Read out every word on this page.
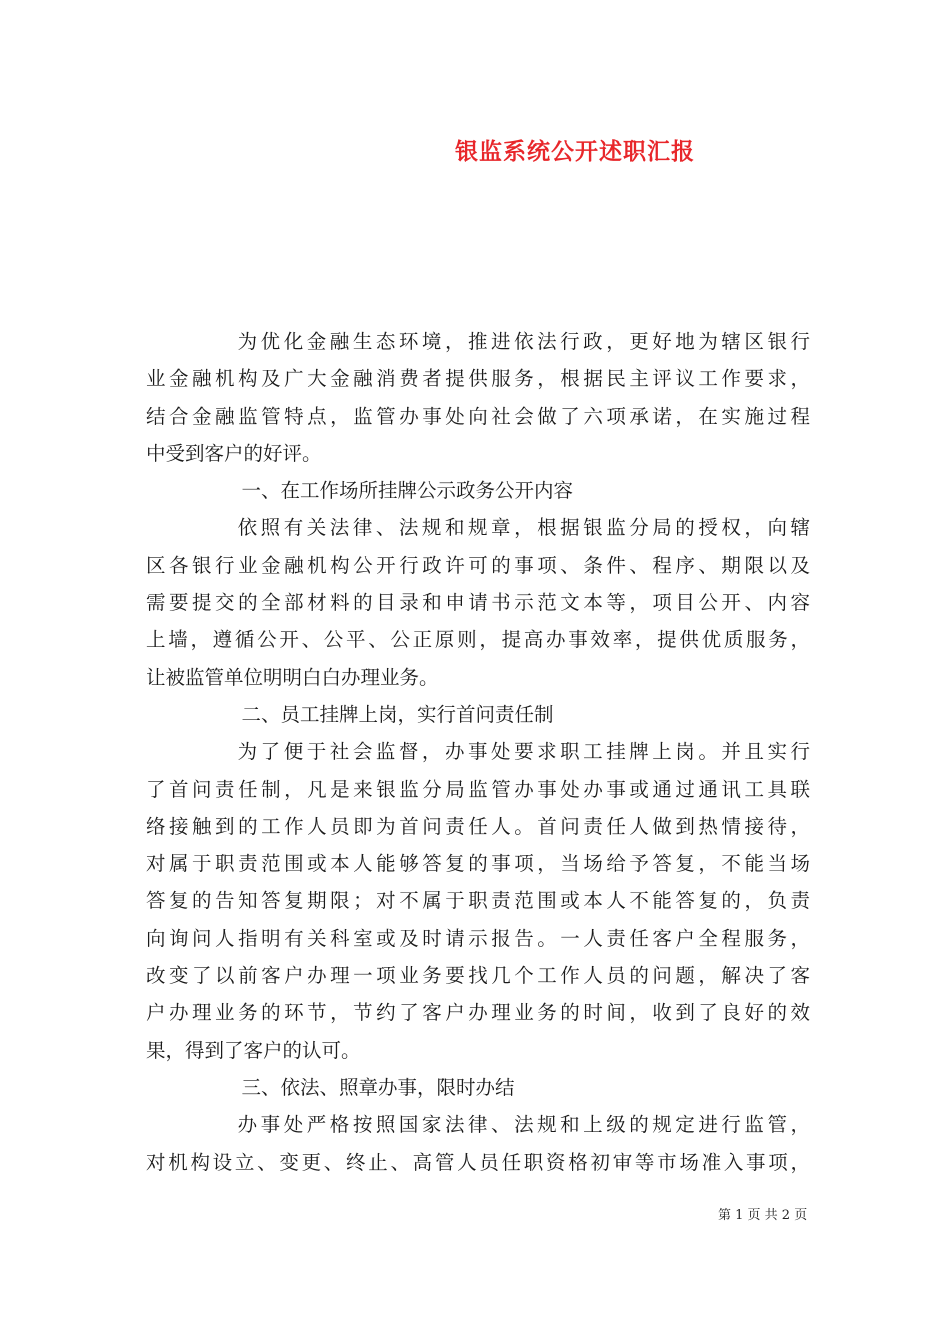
银监系统公开述职汇报

为优化金融生态环境，推进依法行政，更好地为辖区银行
业金融机构及广大金融消费者提供服务，根据民主评议工作要求，
结合金融监管特点，监管办事处向社会做了六项承诺，在实施过程
中受到客户的好评。

一、在工作场所挂牌公示政务公开内容

依照有关法律、法规和规章，根据银监分局的授权，向辖
区各银行业金融机构公开行政许可的事项、条件、程序、期限以及
需要提交的全部材料的目录和申请书示范文本等，项目公开、内容
上墙，遵循公开、公平、公正原则，提高办事效率，提供优质服务，
让被监管单位明明白白办理业务。

二、员工挂牌上岗，实行首问责任制

为了便于社会监督，办事处要求职工挂牌上岗。并且实行
了首问责任制，凡是来银监分局监管办事处办事或通过通讯工具联
络接触到的工作人员即为首问责任人。首问责任人做到热情接待，
对属于职责范围或本人能够答复的事项，当场给予答复，不能当场
答复的告知答复期限；对不属于职责范围或本人不能答复的，负责
向询问人指明有关科室或及时请示报告。一人责任客户全程服务，
改变了以前客户办理一项业务要找几个工作人员的问题，解决了客
户办理业务的环节，节约了客户办理业务的时间，收到了良好的效
果，得到了客户的认可。

三、依法、照章办事，限时办结

办事处严格按照国家法律、法规和上级的规定进行监管，
对机构设立、变更、终止、高管人员任职资格初审等市场准入事项，

第 1 页 共 2 页
